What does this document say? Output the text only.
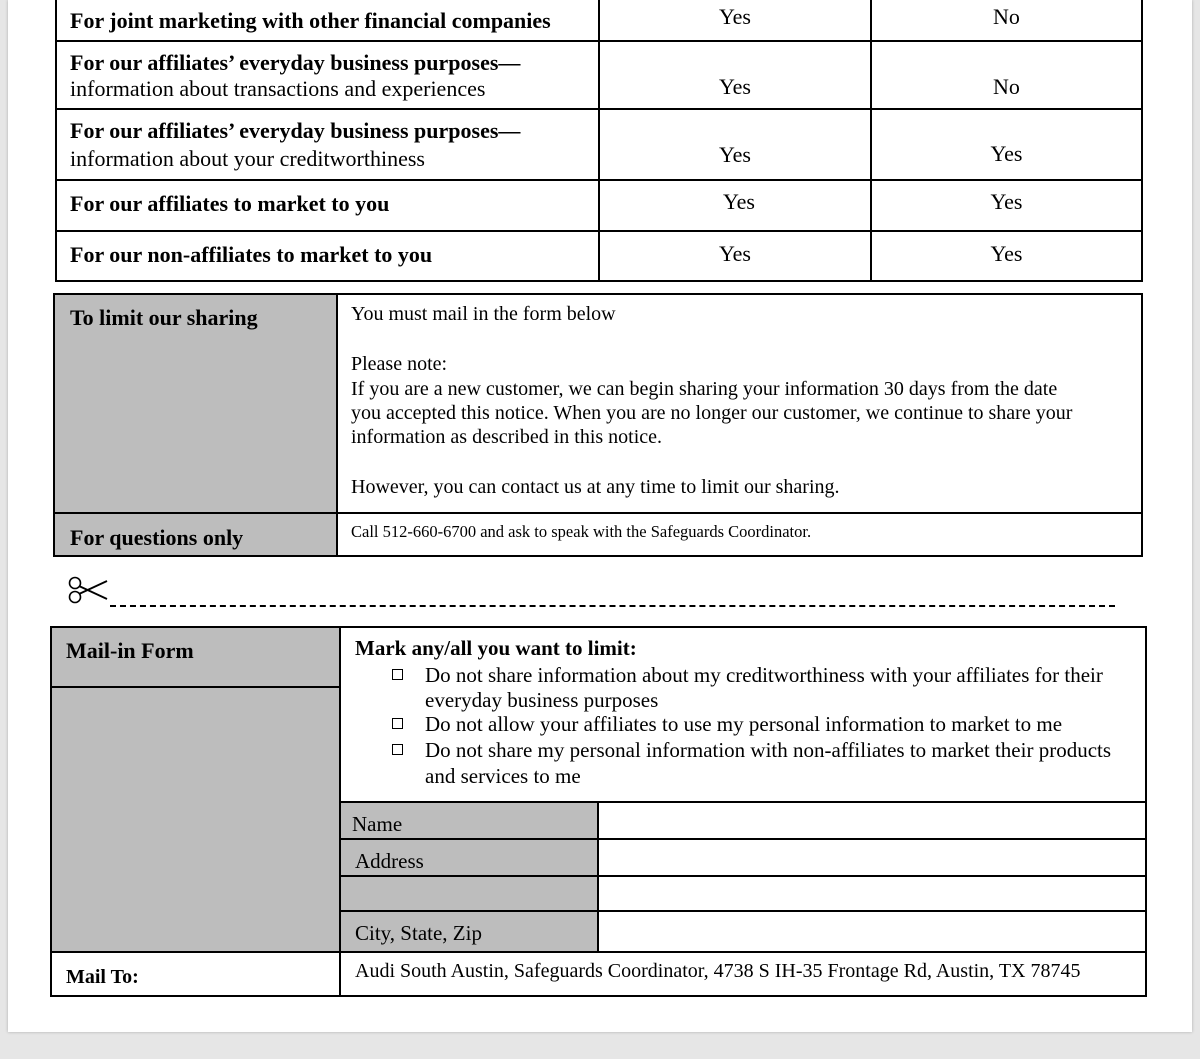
For joint marketing with other financial companies	Yes	No
For our affiliates’ everyday business purposes—
information about transactions and experiences	Yes	No
For our affiliates’ everyday business purposes—
information about your creditworthiness	Yes	Yes
For our affiliates to market to you	Yes	Yes
For our non-affiliates to market to you	Yes	Yes
To limit our sharing	You must mail in the form below
Please note:
If you are a new customer, we can begin sharing your information 30 days from the date
you accepted this notice. When you are no longer our customer, we continue to share your
information as described in this notice.
However, you can contact us at any time to limit our sharing.
For questions only	Call 512-660-6700 and ask to speak with the Safeguards Coordinator.
Mail-in Form	Mark any/all you want to limit:
Do not share information about my creditworthiness with your affiliates for their
everyday business purposes
Do not allow your affiliates to use my personal information to market to me
Do not share my personal information with non-affiliates to market their products
and services to me
Name
Address
City, State, Zip
Mail To:	Audi South Austin, Safeguards Coordinator, 4738 S IH-35 Frontage Rd, Austin, TX 78745
